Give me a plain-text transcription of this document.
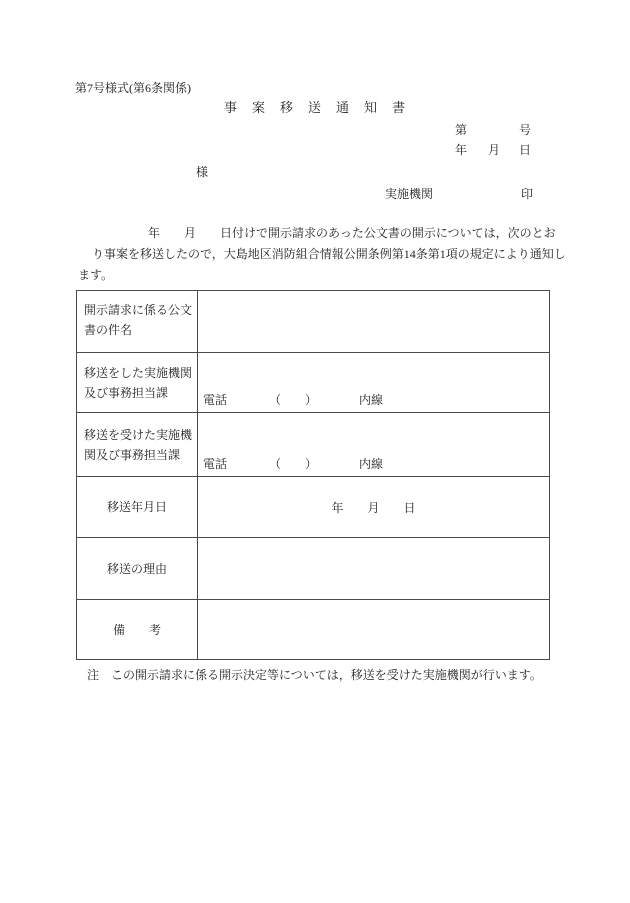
第7号様式(第6条関係)
事　案　移　送　通　知　書
第	号
年 月 日
様
実施機関	印
年　　月　　日付けで開示請求のあった公文書の開示については，次のとお
り事案を移送したので，大島地区消防組合情報公開条例第14条第1項の規定により通知し
ます。
開示請求に係る公文書の件名
移送をした実施機関及び事務担当課
電話　　　　（　　）　　　　内線
移送を受けた実施機関及び事務担当課
電話　　　　（　　）　　　　内線
移送年月日	年　　月　　日
移送の理由
備　　考
注　この開示請求に係る開示決定等については，移送を受けた実施機関が行います。
